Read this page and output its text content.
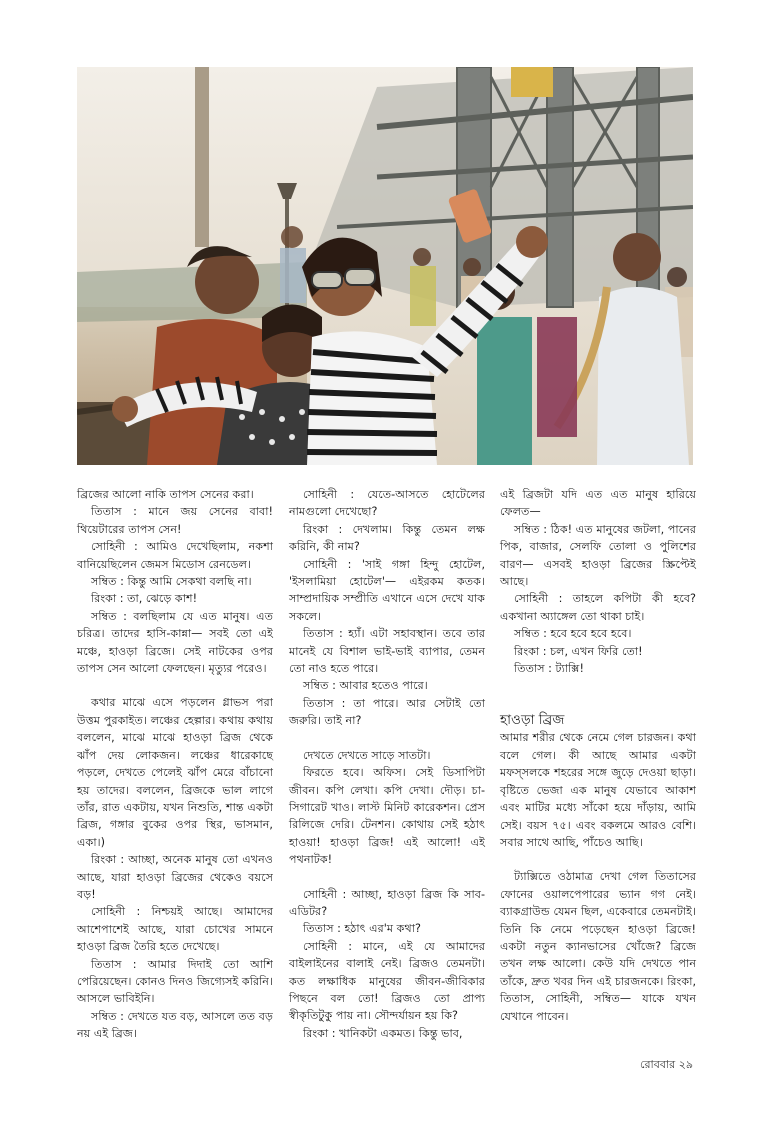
ব্রিজের আলো নাকি তাপস সেনের করা।

তিতাস : মানে জয় সেনের বাবা! থিয়েটারের তাপস সেন!

সোহিনী : আমিও দেখেছিলাম, নকশা বানিয়েছিলেন জেমস মিডোস রেনডেল।

সম্বিত : কিন্তু আমি সেকথা বলছি না।

রিংকা : তা, ঝেড়ে কাশ!

সম্বিত : বলছিলাম যে এত মানুষ। এত চরিত্র। তাদের হাসি-কান্না— সবই তো এই মঞ্চে, হাওড়া ব্রিজে। সেই নাটকের ওপর তাপস সেন আলো ফেলছেন। মৃত্যুর পরেও।

কথার মাঝে এসে পড়লেন গ্লাভস পরা উত্তম পুরকাইত। লঞ্চের হেল্পার। কথায় কথায় বললেন, মাঝে মাঝে হাওড়া ব্রিজ থেকে ঝাঁপ দেয় লোকজন। লঞ্চের ধারেকাছে পড়লে, দেখতে পেলেই ঝাঁপ মেরে বাঁচানো হয় তাদের। বললেন, ব্রিজকে ভাল লাগে তাঁর, রাত একটায়, যখন নিশুতি, শান্ত একটা ব্রিজ, গঙ্গার বুকের ওপর স্থির, ভাসমান, একা।)

রিংকা : আচ্ছা, অনেক মানুষ তো এখনও আছে, যারা হাওড়া ব্রিজের থেকেও বয়সে বড়!

সোহিনী : নিশ্চয়ই আছে। আমাদের আশেপাশেই আছে, যারা চোখের সামনে হাওড়া ব্রিজ তৈরি হতে দেখেছে।

তিতাস : আমার দিদাই তো আশি পেরিয়েছেন। কোনও দিনও জিগ্যেসই করিনি। আসলে ভাবিইনি।

সম্বিত : দেখতে যত বড়, আসলে তত বড় নয় এই ব্রিজ।

সোহিনী : যেতে-আসতে হোটেলের নামগুলো দেখেছো?

রিংকা : দেখলাম। কিন্তু তেমন লক্ষ করিনি, কী নাম?

সোহিনী : 'সাই গঙ্গা হিন্দু হোটেল, 'ইসলামিয়া হোটেল'— এইরকম কতক। সাম্প্রদায়িক সম্প্রীতি এখানে এসে দেখে যাক সকলে।

তিতাস : হ্যাঁ। এটা সহাবস্থান। তবে তার মানেই যে বিশাল ভাই-ভাই ব্যাপার, তেমন তো নাও হতে পারে।

সম্বিত : আবার হতেও পারে।

তিতাস : তা পারে। আর সেটাই তো জরুরি। তাই না?

দেখতে দেখতে সাড়ে সাতটা।

ফিরতে হবে। অফিস। সেই ডিসাপিটা জীবন। কপি লেখা। কপি দেখা। দৌড়। চা-সিগারেট খাও। লাস্ট মিনিট কারেকশন। প্রেস রিলিজে দেরি। টেনশন। কোথায় সেই হঠাৎ হাওয়া! হাওড়া ব্রিজ! এই আলো! এই পথনাটক!

সোহিনী : আচ্ছা, হাওড়া ব্রিজ কি সাব-এডিটর?

তিতাস : হঠাৎ এর'ম কথা?

সোহিনী : মানে, এই যে আমাদের বাইলাইনের বালাই নেই। ব্রিজও তেমনটা। কত লক্ষাধিক মানুষের জীবন-জীবিকার পিছনে বল তো! ব্রিজও তো প্রাপ্য স্বীকৃতিটুকু পায় না। সৌন্দর্যায়ন হয় কি?

রিংকা : খানিকটা একমত। কিন্তু ভাব,

এই ব্রিজটা যদি এত এত মানুষ হারিয়ে ফেলত—

সম্বিত : ঠিক! এত মানুষের জটলা, পানের পিক, বাজার, সেলফি তোলা ও পুলিশের বারণ— এসবই হাওড়া ব্রিজের স্ক্রিপ্টেই আছে।

সোহিনী : তাহলে কপিটা কী হবে? একখানা অ্যাঙ্গেল তো থাকা চাই।

সম্বিত : হবে হবে হবে হবে।

রিংকা : চল, এখন ফিরি তো!

তিতাস : ট্যাক্সি!

হাওড়া ব্রিজ

আমার শরীর থেকে নেমে গেল চারজন। কথা বলে গেল। কী আছে আমার একটা মফস্সলকে শহরের সঙ্গে জুড়ে দেওয়া ছাড়া। বৃষ্টিতে ভেজা এক মানুষ যেভাবে আকাশ এবং মাটির মধ্যে সাঁকো হয়ে দাঁড়ায়, আমি সেই। বয়স ৭৫। এবং বকলমে আরও বেশি। সবার সাথে আছি, পাঁচেও আছি।

ট্যাক্সিতে ওঠামাত্র দেখা গেল তিতাসের ফোনের ওয়ালপেপারের ভ্যান গগ নেই। ব্যাকগ্রাউন্ড যেমন ছিল, একেবারে তেমনটাই। তিনি কি নেমে পড়েছেন হাওড়া ব্রিজে! একটা নতুন ক্যানভাসের খোঁজে? ব্রিজে তখন লক্ষ আলো। কেউ যদি দেখতে পান তাঁকে, দ্রুত খবর দিন এই চারজনকে। রিংকা, তিতাস, সোহিনী, সম্বিত— যাকে যখন যেখানে পাবেন।

রোববার ২৯
